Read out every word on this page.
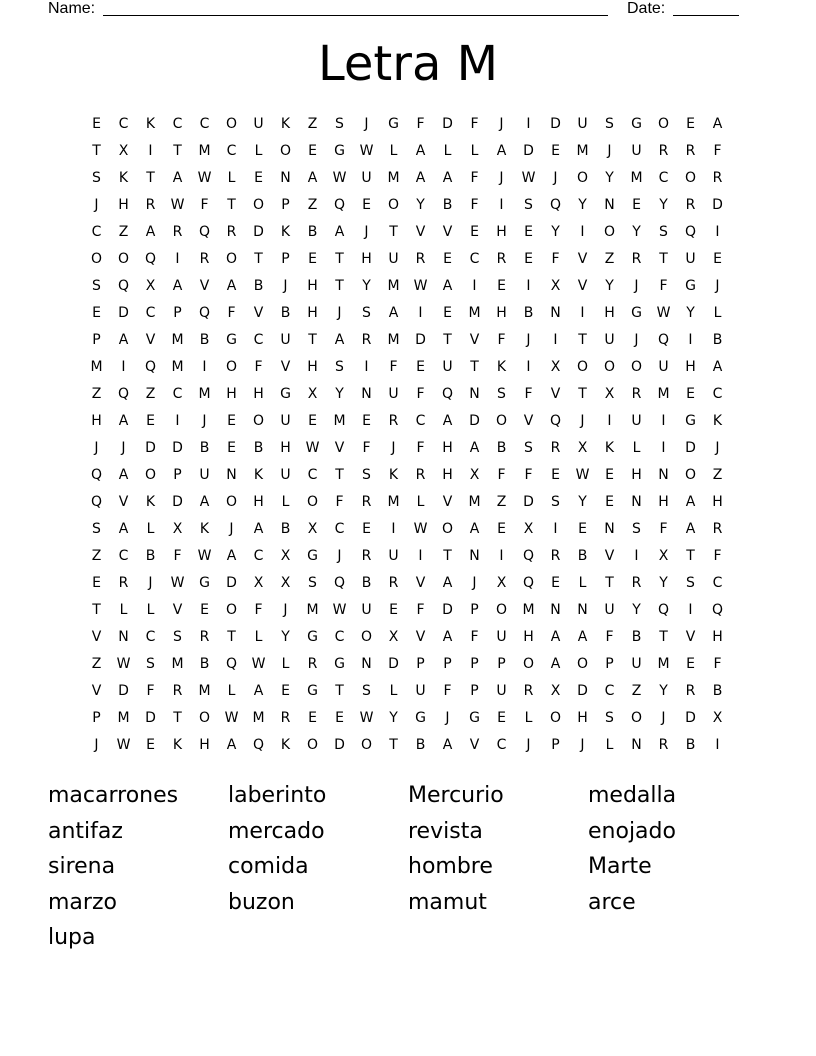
Name:	Date:
Letra M
E	C	K	C	C	O	U	K	Z	S	J	G	F	D	F	J	I	D	U	S	G	O	E	A
T	X	I	T	M	C	L	O	E	G	W	L	A	L	L	A	D	E	M	J	U	R	R	F
S	K	T	A	W	L	E	N	A	W	U	M	A	A	F	J	W	J	O	Y	M	C	O	R
J	H	R	W	F	T	O	P	Z	Q	E	O	Y	B	F	I	S	Q	Y	N	E	Y	R	D
C	Z	A	R	Q	R	D	K	B	A	J	T	V	V	E	H	E	Y	I	O	Y	S	Q	I
O	O	Q	I	R	O	T	P	E	T	H	U	R	E	C	R	E	F	V	Z	R	T	U	E
S	Q	X	A	V	A	B	J	H	T	Y	M	W	A	I	E	I	X	V	Y	J	F	G	J
E	D	C	P	Q	F	V	B	H	J	S	A	I	E	M	H	B	N	I	H	G	W	Y	L
P	A	V	M	B	G	C	U	T	A	R	M	D	T	V	F	J	I	T	U	J	Q	I	B
M	I	Q	M	I	O	F	V	H	S	I	F	E	U	T	K	I	X	O	O	O	U	H	A
Z	Q	Z	C	M	H	H	G	X	Y	N	U	F	Q	N	S	F	V	T	X	R	M	E	C
H	A	E	I	J	E	O	U	E	M	E	R	C	A	D	O	V	Q	J	I	U	I	G	K
J	J	D	D	B	E	B	H	W	V	F	J	F	H	A	B	S	R	X	K	L	I	D	J
Q	A	O	P	U	N	K	U	C	T	S	K	R	H	X	F	F	E	W	E	H	N	O	Z
Q	V	K	D	A	O	H	L	O	F	R	M	L	V	M	Z	D	S	Y	E	N	H	A	H
S	A	L	X	K	J	A	B	X	C	E	I	W	O	A	E	X	I	E	N	S	F	A	R
Z	C	B	F	W	A	C	X	G	J	R	U	I	T	N	I	Q	R	B	V	I	X	T	F
E	R	J	W	G	D	X	X	S	Q	B	R	V	A	J	X	Q	E	L	T	R	Y	S	C
T	L	L	V	E	O	F	J	M	W	U	E	F	D	P	O	M	N	N	U	Y	Q	I	Q
V	N	C	S	R	T	L	Y	G	C	O	X	V	A	F	U	H	A	A	F	B	T	V	H
Z	W	S	M	B	Q	W	L	R	G	N	D	P	P	P	P	O	A	O	P	U	M	E	F
V	D	F	R	M	L	A	E	G	T	S	L	U	F	P	U	R	X	D	C	Z	Y	R	B
P	M	D	T	O	W	M	R	E	E	W	Y	G	J	G	E	L	O	H	S	O	J	D	X
J	W	E	K	H	A	Q	K	O	D	O	T	B	A	V	C	J	P	J	L	N	R	B	I
macarrones	laberinto	Mercurio	medalla
antifaz	mercado	revista	enojado
sirena	comida	hombre	Marte
marzo	buzon	mamut	arce
lupa
